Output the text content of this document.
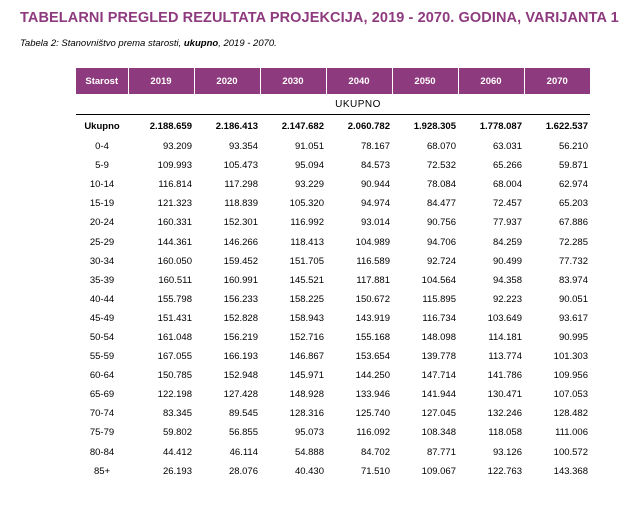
TABELARNI PREGLED REZULTATA PROJEKCIJA, 2019 - 2070. GODINA, VARIJANTA 1
Tabela 2: Stanovništvo prema starosti, ukupno, 2019 - 2070.
Starost	2019	2020	2030	2040	2050	2060	2070
UKUPNO							
Ukupno	2.188.659	2.186.413	2.147.682	2.060.782	1.928.305	1.778.087	1.622.537
0-4	93.209	93.354	91.051	78.167	68.070	63.031	56.210
5-9	109.993	105.473	95.094	84.573	72.532	65.266	59.871
10-14	116.814	117.298	93.229	90.944	78.084	68.004	62.974
15-19	121.323	118.839	105.320	94.974	84.477	72.457	65.203
20-24	160.331	152.301	116.992	93.014	90.756	77.937	67.886
25-29	144.361	146.266	118.413	104.989	94.706	84.259	72.285
30-34	160.050	159.452	151.705	116.589	92.724	90.499	77.732
35-39	160.511	160.991	145.521	117.881	104.564	94.358	83.974
40-44	155.798	156.233	158.225	150.672	115.895	92.223	90.051
45-49	151.431	152.828	158.943	143.919	116.734	103.649	93.617
50-54	161.048	156.219	152.716	155.168	148.098	114.181	90.995
55-59	167.055	166.193	146.867	153.654	139.778	113.774	101.303
60-64	150.785	152.948	145.971	144.250	147.714	141.786	109.956
65-69	122.198	127.428	148.928	133.946	141.944	130.471	107.053
70-74	83.345	89.545	128.316	125.740	127.045	132.246	128.482
75-79	59.802	56.855	95.073	116.092	108.348	118.058	111.006
80-84	44.412	46.114	54.888	84.702	87.771	93.126	100.572
85+	26.193	28.076	40.430	71.510	109.067	122.763	143.368
